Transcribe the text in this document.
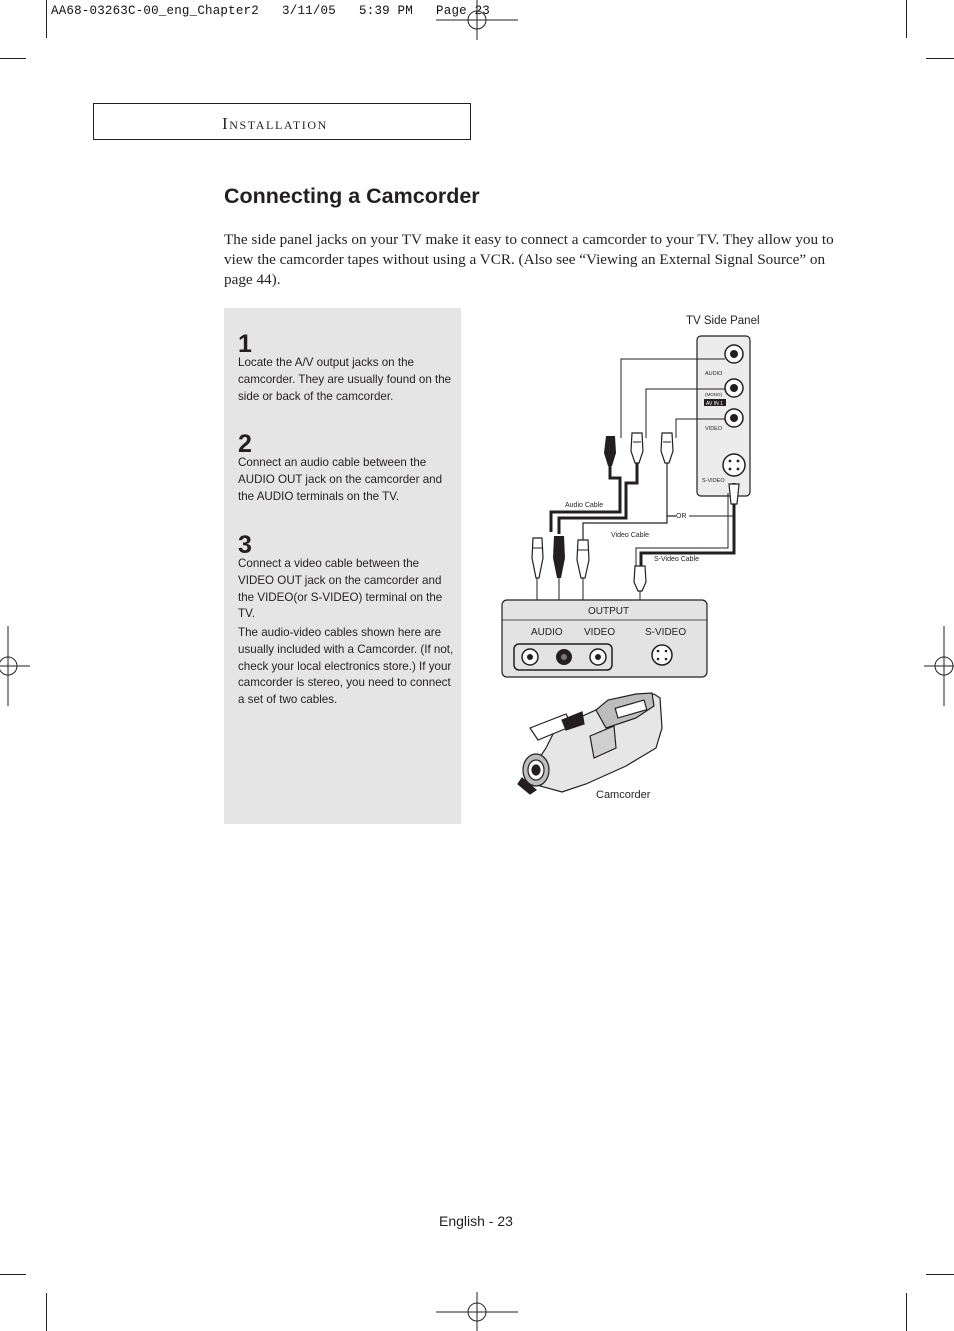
AA68-03263C-00_eng_Chapter2   3/11/05   5:39 PM   Page 23
Installation
Connecting a Camcorder

The side panel jacks on your TV make it easy to connect a camcorder to your TV. They allow you to view the camcorder tapes without using a VCR. (Also see “Viewing an External Signal Source” on page 44).

1

Locate the A/V output jacks on the camcorder. They are usually found on the side or back of the camcorder.

2

Connect an audio cable between the AUDIO OUT jack on the camcorder and the AUDIO terminals on the TV.

3

Connect a video cable between the VIDEO OUT jack on the camcorder and the VIDEO(or S-VIDEO) terminal on the TV.

The audio-video cables shown here are usually included with a Camcorder. (If not, check your local electronics store.) If your camcorder is stereo, you need to connect a set of two cables.

TV Side Panel
AUDIO
(MONO)
AV IN 1
VIDEO
S-VIDEO
Audio Cable
Video Cable
OR
S-Video Cable
OUTPUT
AUDIO VIDEO	S-VIDEO
Camcorder
English - 23
